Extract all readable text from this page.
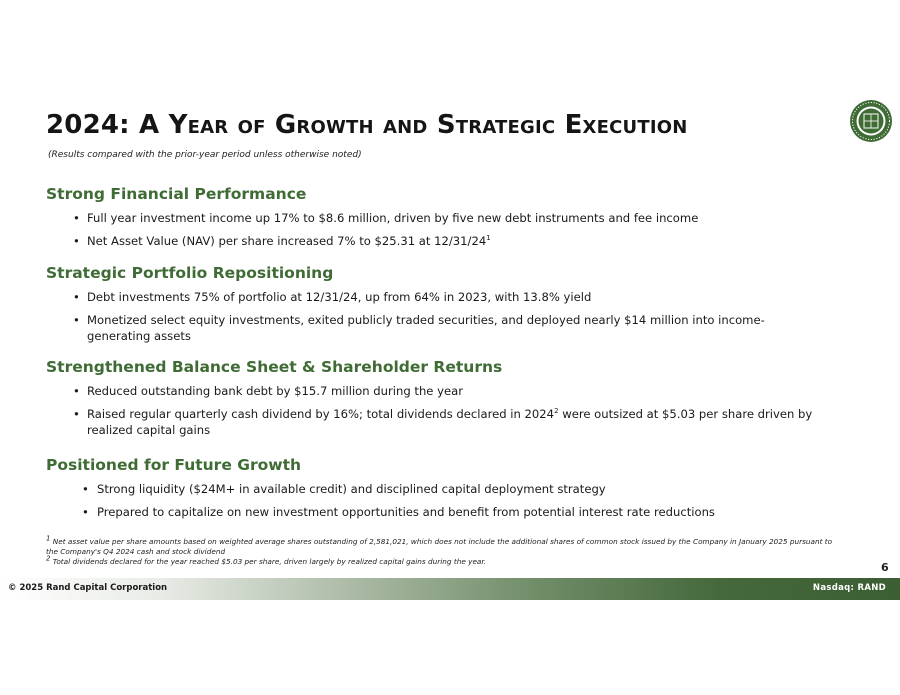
2024: A Year of Growth and Strategic Execution
(Results compared with the prior-year period unless otherwise noted)
Strong Financial Performance
• Full year investment income up 17% to $8.6 million, driven by five new debt instruments and fee income
• Net Asset Value (NAV) per share increased 7% to $25.31 at $12/31/24^1$
Strategic Portfolio Repositioning
• Debt investments 75% of portfolio at 12/31/24, up from 64% in 2023, with 13.8% yield
• Monetized select equity investments, exited publicly traded securities, and deployed nearly $14 million into income-generating assets
Strengthened Balance Sheet & Shareholder Returns
• Reduced outstanding bank debt by $15.7 million during the year
• Raised regular quarterly cash dividend by 16%; total dividends declared in 2024$^2$ were outsized at $5.03 per share driven by realized capital gains
Positioned for Future Growth
• Strong liquidity ($24M+ in available credit) and disciplined capital deployment strategy
• Prepared to capitalize on new investment opportunities and benefit from potential interest rate reductions

$^1$ Net asset value per share amounts based on weighted average shares outstanding of 2,581,021, which does not include the additional shares of common stock issued by the Company in January 2025 pursuant to the Company's Q4 2024 cash and stock dividend

$^2$ Total dividends declared for the year reached $5.03 per share, driven largely by realized capital gains during the year.	6
© 2025 Rand Capital Corporation	Nasdaq: RAND
